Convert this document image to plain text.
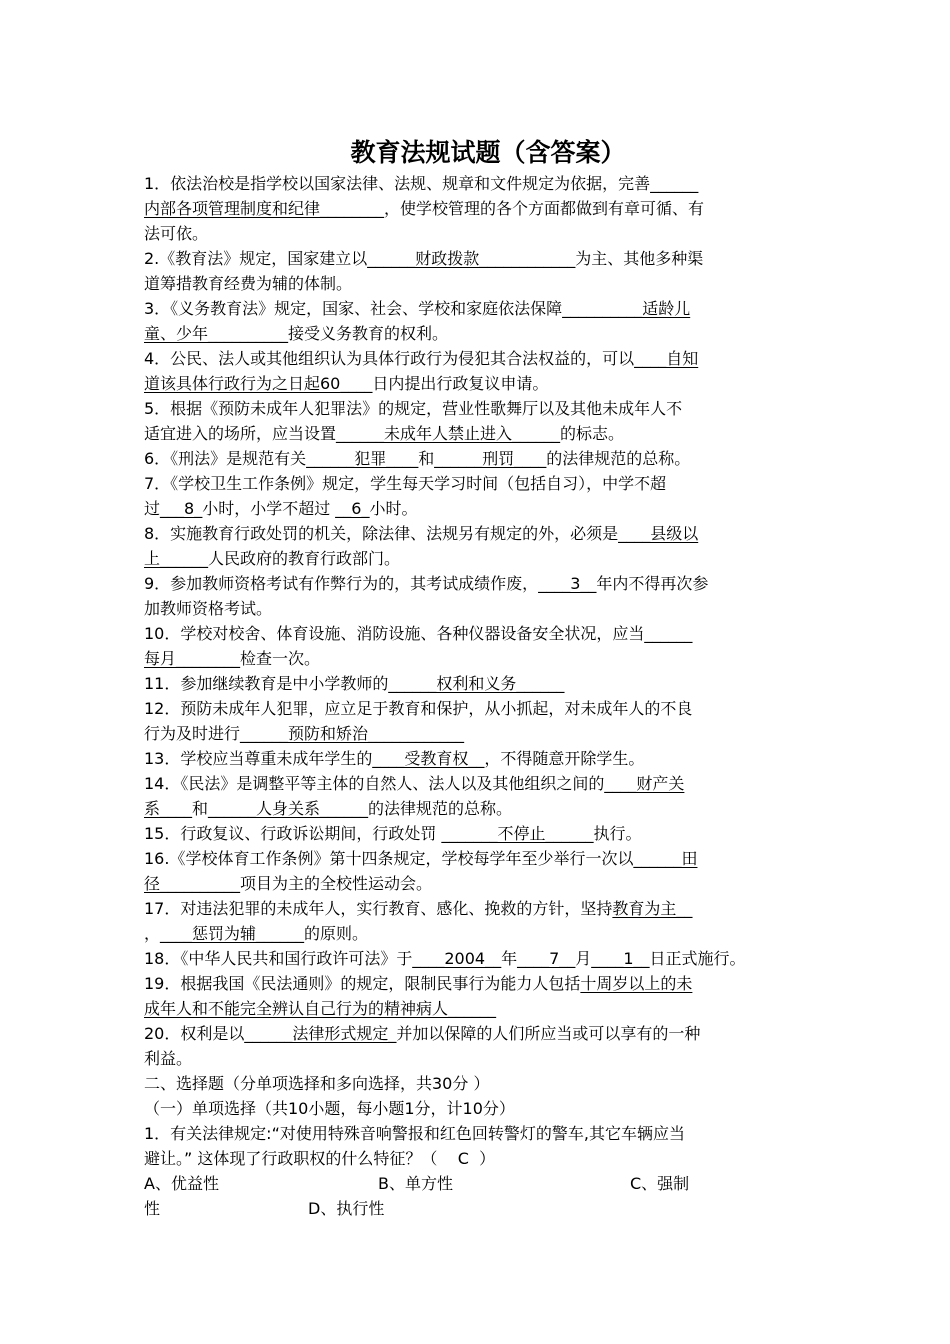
教育法规试题（含答案）
1．依法治校是指学校以国家法律、法规、规章和文件规定为依据，完善______
内部各项管理制度和纪律________，使学校管理的各个方面都做到有章可循、有
法可依。
2.《教育法》规定，国家建立以______财政拨款____________为主、其他多种渠
道筹措教育经费为辅的体制。
3．《义务教育法》规定，国家、社会、学校和家庭依法保障__________适龄儿
童、少年__________接受义务教育的权利。
4．公民、法人或其他组织认为具体行政行为侵犯其合法权益的，可以____自知
道该具体行政行为之日起60____日内提出行政复议申请。
5．根据《预防未成年人犯罪法》的规定，营业性歌舞厅以及其他未成年人不
适宜进入的场所，应当设置______未成年人禁止进入______的标志。
6．《刑法》是规范有关______犯罪____和______刑罚____的法律规范的总称。
7．《学校卫生工作条例》规定，学生每天学习时间（包括自习），中学不超
过___8_小时，小学不超过 __6_小时。
8．实施教育行政处罚的机关，除法律、法规另有规定的外，必须是____县级以
上______人民政府的教育行政部门。
9．参加教师资格考试有作弊行为的，其考试成绩作废，____3__年内不得再次参
加教师资格考试。
10．学校对校舍、体育设施、消防设施、各种仪器设备安全状况，应当______
每月________检查一次。
11．参加继续教育是中小学教师的______权利和义务______
12．预防未成年人犯罪，应立足于教育和保护，从小抓起，对未成年人的不良
行为及时进行______预防和矫治____________
13．学校应当尊重未成年学生的____受教育权__，不得随意开除学生。
14．《民法》是调整平等主体的自然人、法人以及其他组织之间的____财产关
系____和______人身关系______的法律规范的总称。
15．行政复议、行政诉讼期间，行政处罚 _______不停止______执行。
16.《学校体育工作条例》第十四条规定，学校每学年至少举行一次以______田
径__________项目为主的全校性运动会。
17．对违法犯罪的未成年人，实行教育、感化、挽救的方针，坚持教育为主__
，____惩罚为辅______的原则。
18．《中华人民共和国行政许可法》于____2004__年____7__月____1__日正式施行。
19．根据我国《民法通则》的规定，限制民事行为能力人包括十周岁以上的未
成年人和不能完全辨认自己行为的精神病人______
20．权利是以______法律形式规定_并加以保障的人们所应当或可以享有的一种
利益。
二、选择题（分单项选择和多向选择，共30分 ）
（一）单项选择（共10小题，每小题1分，计10分）
1．有关法律规定:“对使用特殊音响警报和红色回转警灯的警车,其它车辆应当
避让。” 这体现了行政职权的什么特征？（    C  ）
A、优益性	B、单方性	C、强制
性	D、执行性
